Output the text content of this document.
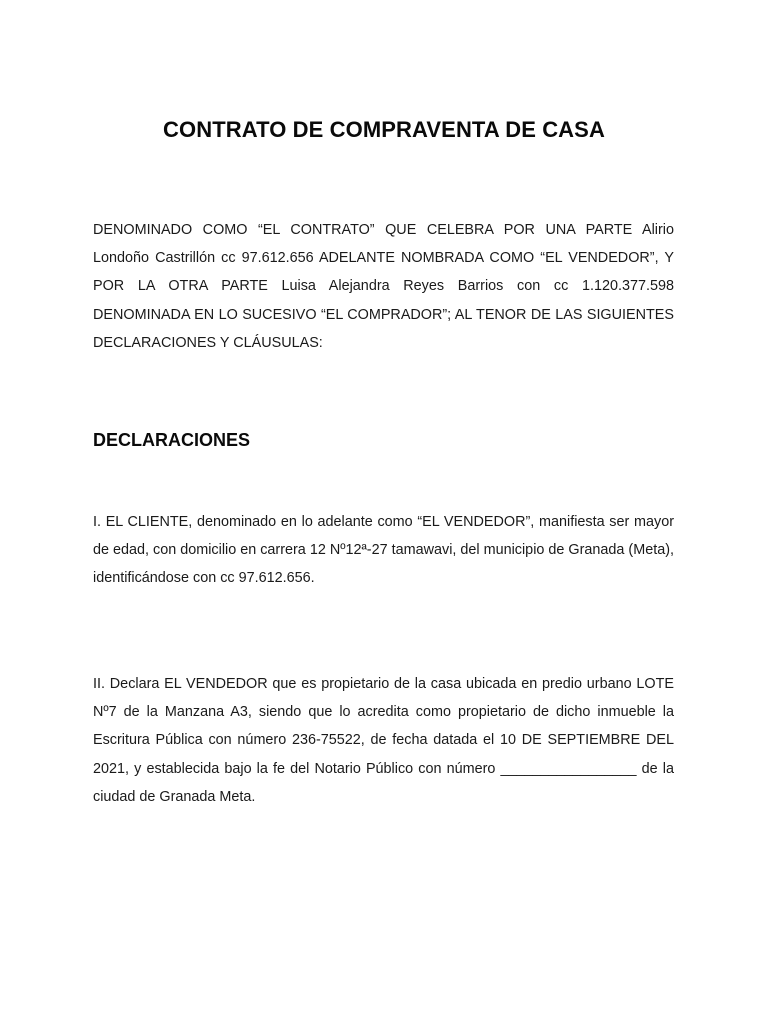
CONTRATO DE COMPRAVENTA DE CASA
DENOMINADO COMO “EL CONTRATO” QUE CELEBRA POR UNA PARTE Alirio Londoño Castrillón cc 97.612.656 ADELANTE NOMBRADA COMO “EL VENDEDOR”, Y POR LA OTRA PARTE Luisa Alejandra Reyes Barrios con cc 1.120.377.598 DENOMINADA EN LO SUCESIVO “EL COMPRADOR”; AL TENOR DE LAS SIGUIENTES DECLARACIONES Y CLÁUSULAS:
DECLARACIONES
I. EL CLIENTE, denominado en lo adelante como “EL VENDEDOR”, manifiesta ser mayor de edad, con domicilio en carrera 12 Nº12ª-27 tamawavi, del municipio de Granada (Meta), identificándose con cc 97.612.656.
II. Declara EL VENDEDOR que es propietario de la casa ubicada en predio urbano LOTE Nº7 de la Manzana A3, siendo que lo acredita como propietario de dicho inmueble la Escritura Pública con número 236-75522, de fecha datada el 10 DE SEPTIEMBRE DEL 2021, y establecida bajo la fe del Notario Público con número _________________ de la ciudad de Granada Meta.
